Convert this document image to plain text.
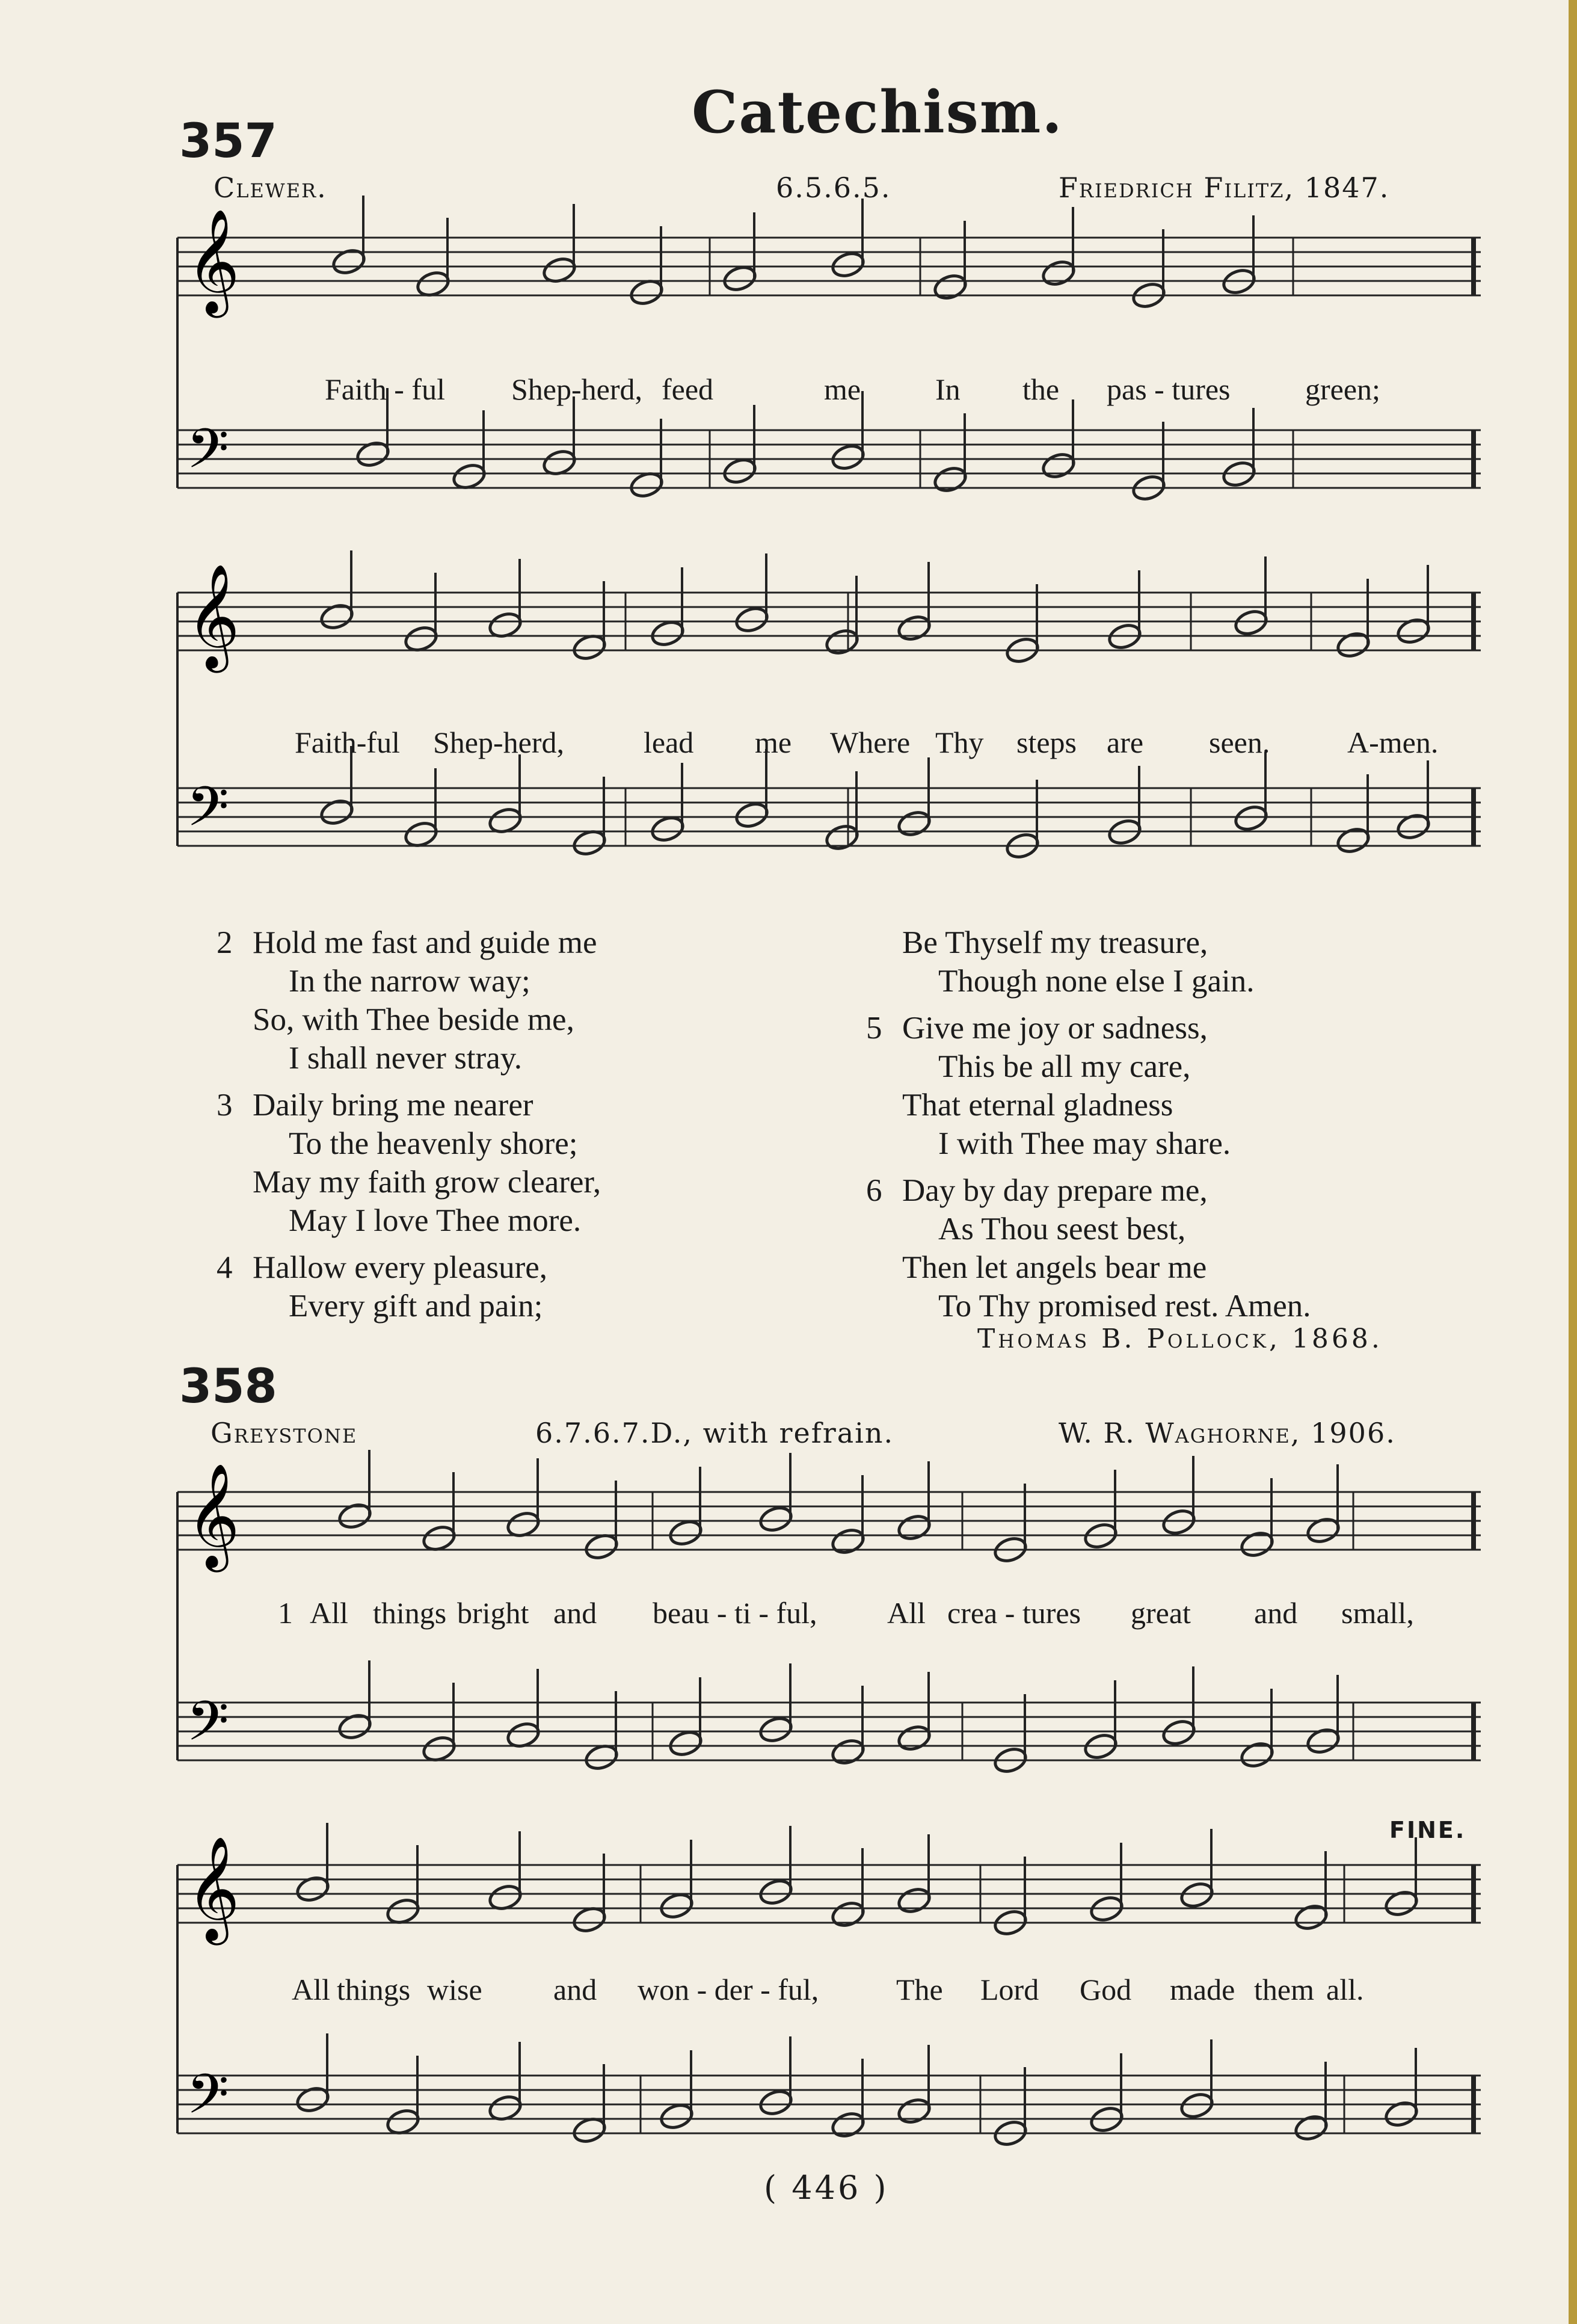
357	Catechism.
Clewer.	6.5.6.5.	Friedrich Filitz, 1847.
𝄞
𝄢
𝄞
𝄢
𝄞
𝄢
𝄞
𝄢
Faith - ful Shep-herd, feed	me In the pas - tures green;
Faith-ful Shep-herd,	lead me Where Thy steps are seen.	A-men.
2 Hold me fast and guide me
In the narrow way;
So, with Thee beside me,
I shall never stray.
3 Daily bring me nearer
To the heavenly shore;
May my faith grow clearer,
May I love Thee more.
4 Hallow every pleasure,
Every gift and pain;
Be Thyself my treasure,
Though none else I gain.
5 Give me joy or sadness,
This be all my care,
That eternal gladness
I with Thee may share.
6 Day by day prepare me,
As Thou seest best,
Then let angels bear me
To Thy promised rest. Amen.
Thomas B. Pollock, 1868.
358
Greystone	6.7.6.7.D., with refrain.	W. R. Waghorne, 1906.
1 All things bright and beau - ti - ful, All crea - tures great and small,
FINE.
All things wise and won - der - ful,	The Lord God made them all.
( 446 )
